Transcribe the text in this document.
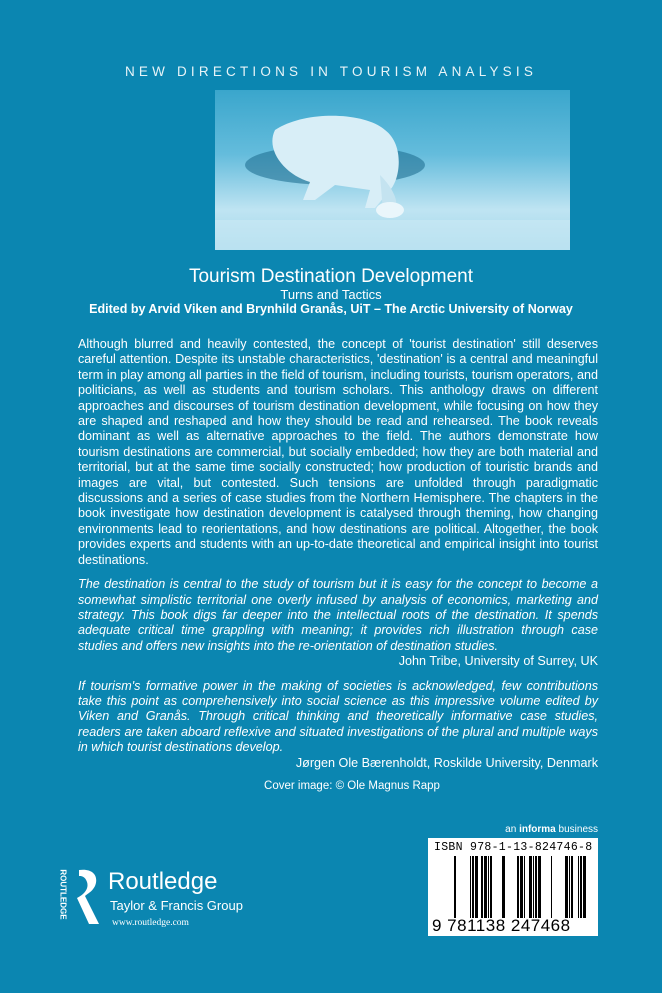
NEW DIRECTIONS IN TOURISM ANALYSIS
Tourism Destination Development
Turns and Tactics
Edited by Arvid Viken and Brynhild Granås, UiT – The Arctic University of Norway
Although blurred and heavily contested, the concept of 'tourist destination' still deserves careful attention. Despite its unstable characteristics, 'destination' is a central and meaningful term in play among all parties in the field of tourism, including tourists, tourism operators, and politicians, as well as students and tourism scholars. This anthology draws on different approaches and discourses of tourism destination development, while focusing on how they are shaped and reshaped and how they should be read and rehearsed. The book reveals dominant as well as alternative approaches to the field. The authors demonstrate how tourism destinations are commercial, but socially embedded; how they are both material and territorial, but at the same time socially constructed; how production of touristic brands and images are vital, but contested. Such tensions are unfolded through paradigmatic discussions and a series of case studies from the Northern Hemisphere. The chapters in the book investigate how destination development is catalysed through theming, how changing environments lead to reorientations, and how destinations are political. Altogether, the book provides experts and students with an up-to-date theoretical and empirical insight into tourist destinations.
The destination is central to the study of tourism but it is easy for the concept to become a somewhat simplistic territorial one overly infused by analysis of economics, marketing and strategy. This book digs far deeper into the intellectual roots of the destination. It spends adequate critical time grappling with meaning; it provides rich illustration through case studies and offers new insights into the re-orientation of destination studies.
John Tribe, University of Surrey, UK
If tourism's formative power in the making of societies is acknowledged, few contributions take this point as comprehensively into social science as this impressive volume edited by Viken and Granås. Through critical thinking and theoretically informative case studies, readers are taken aboard reflexive and situated investigations of the plural and multiple ways in which tourist destinations develop.
Jørgen Ole Bærenholdt, Roskilde University, Denmark
Cover image: © Ole Magnus Rapp
an informa business
ISBN 978-1-13-824746-8
9 781138 247468
ROUTLEDGE Routledge
Taylor & Francis Group
www.routledge.com
